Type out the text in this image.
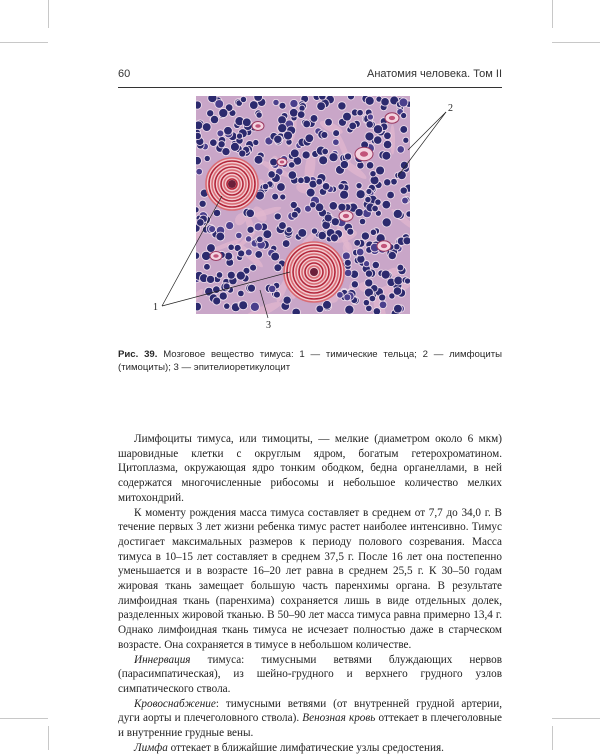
60	Анатомия человека. Том II
2
1
3
Рис. 39. Мозговое вещество тимуса: 1 — тимические тельца; 2 — лимфоциты (тимоциты); 3 — эпителиоретикулоцит

Лимфоциты тимуса, или тимоциты, — мелкие (диаметром около 6 мкм) шаровидные клетки с округлым ядром, богатым гетерохроматином. Цитоплазма, окружающая ядро тонким ободком, бедна органеллами, в ней содержатся многочисленные рибосомы и небольшое количество мелких митохондрий.

К моменту рождения масса тимуса составляет в среднем от 7,7 до 34,0 г. В течение первых 3 лет жизни ребенка тимус растет наиболее интенсивно. Тимус достигает максимальных размеров к периоду полового созревания. Масса тимуса в 10–15 лет составляет в среднем 37,5 г. После 16 лет она постепенно уменьшается и в возрасте 16–20 лет равна в среднем 25,5 г. К 30–50 годам жировая ткань замещает большую часть паренхимы органа. В результате лимфоидная ткань (паренхима) сохраняется лишь в виде отдельных долек, разделенных жировой тканью. В 50–90 лет масса тимуса равна примерно 13,4 г. Однако лимфоидная ткань тимуса не исчезает полностью даже в старческом возрасте. Она сохраняется в тимусе в небольшом количестве.

Иннервация тимуса: тимусными ветвями блуждающих нервов (парасимпатическая), из шейно-грудного и верхнего грудного узлов симпатического ствола.

Кровоснабжение: тимусными ветвями (от внутренней грудной артерии, дуги аорты и плечеголовного ствола). Венозная кровь оттекает в плечеголовные и внутренние грудные вены.

Лимфа оттекает в ближайшие лимфатические узлы средостения.
